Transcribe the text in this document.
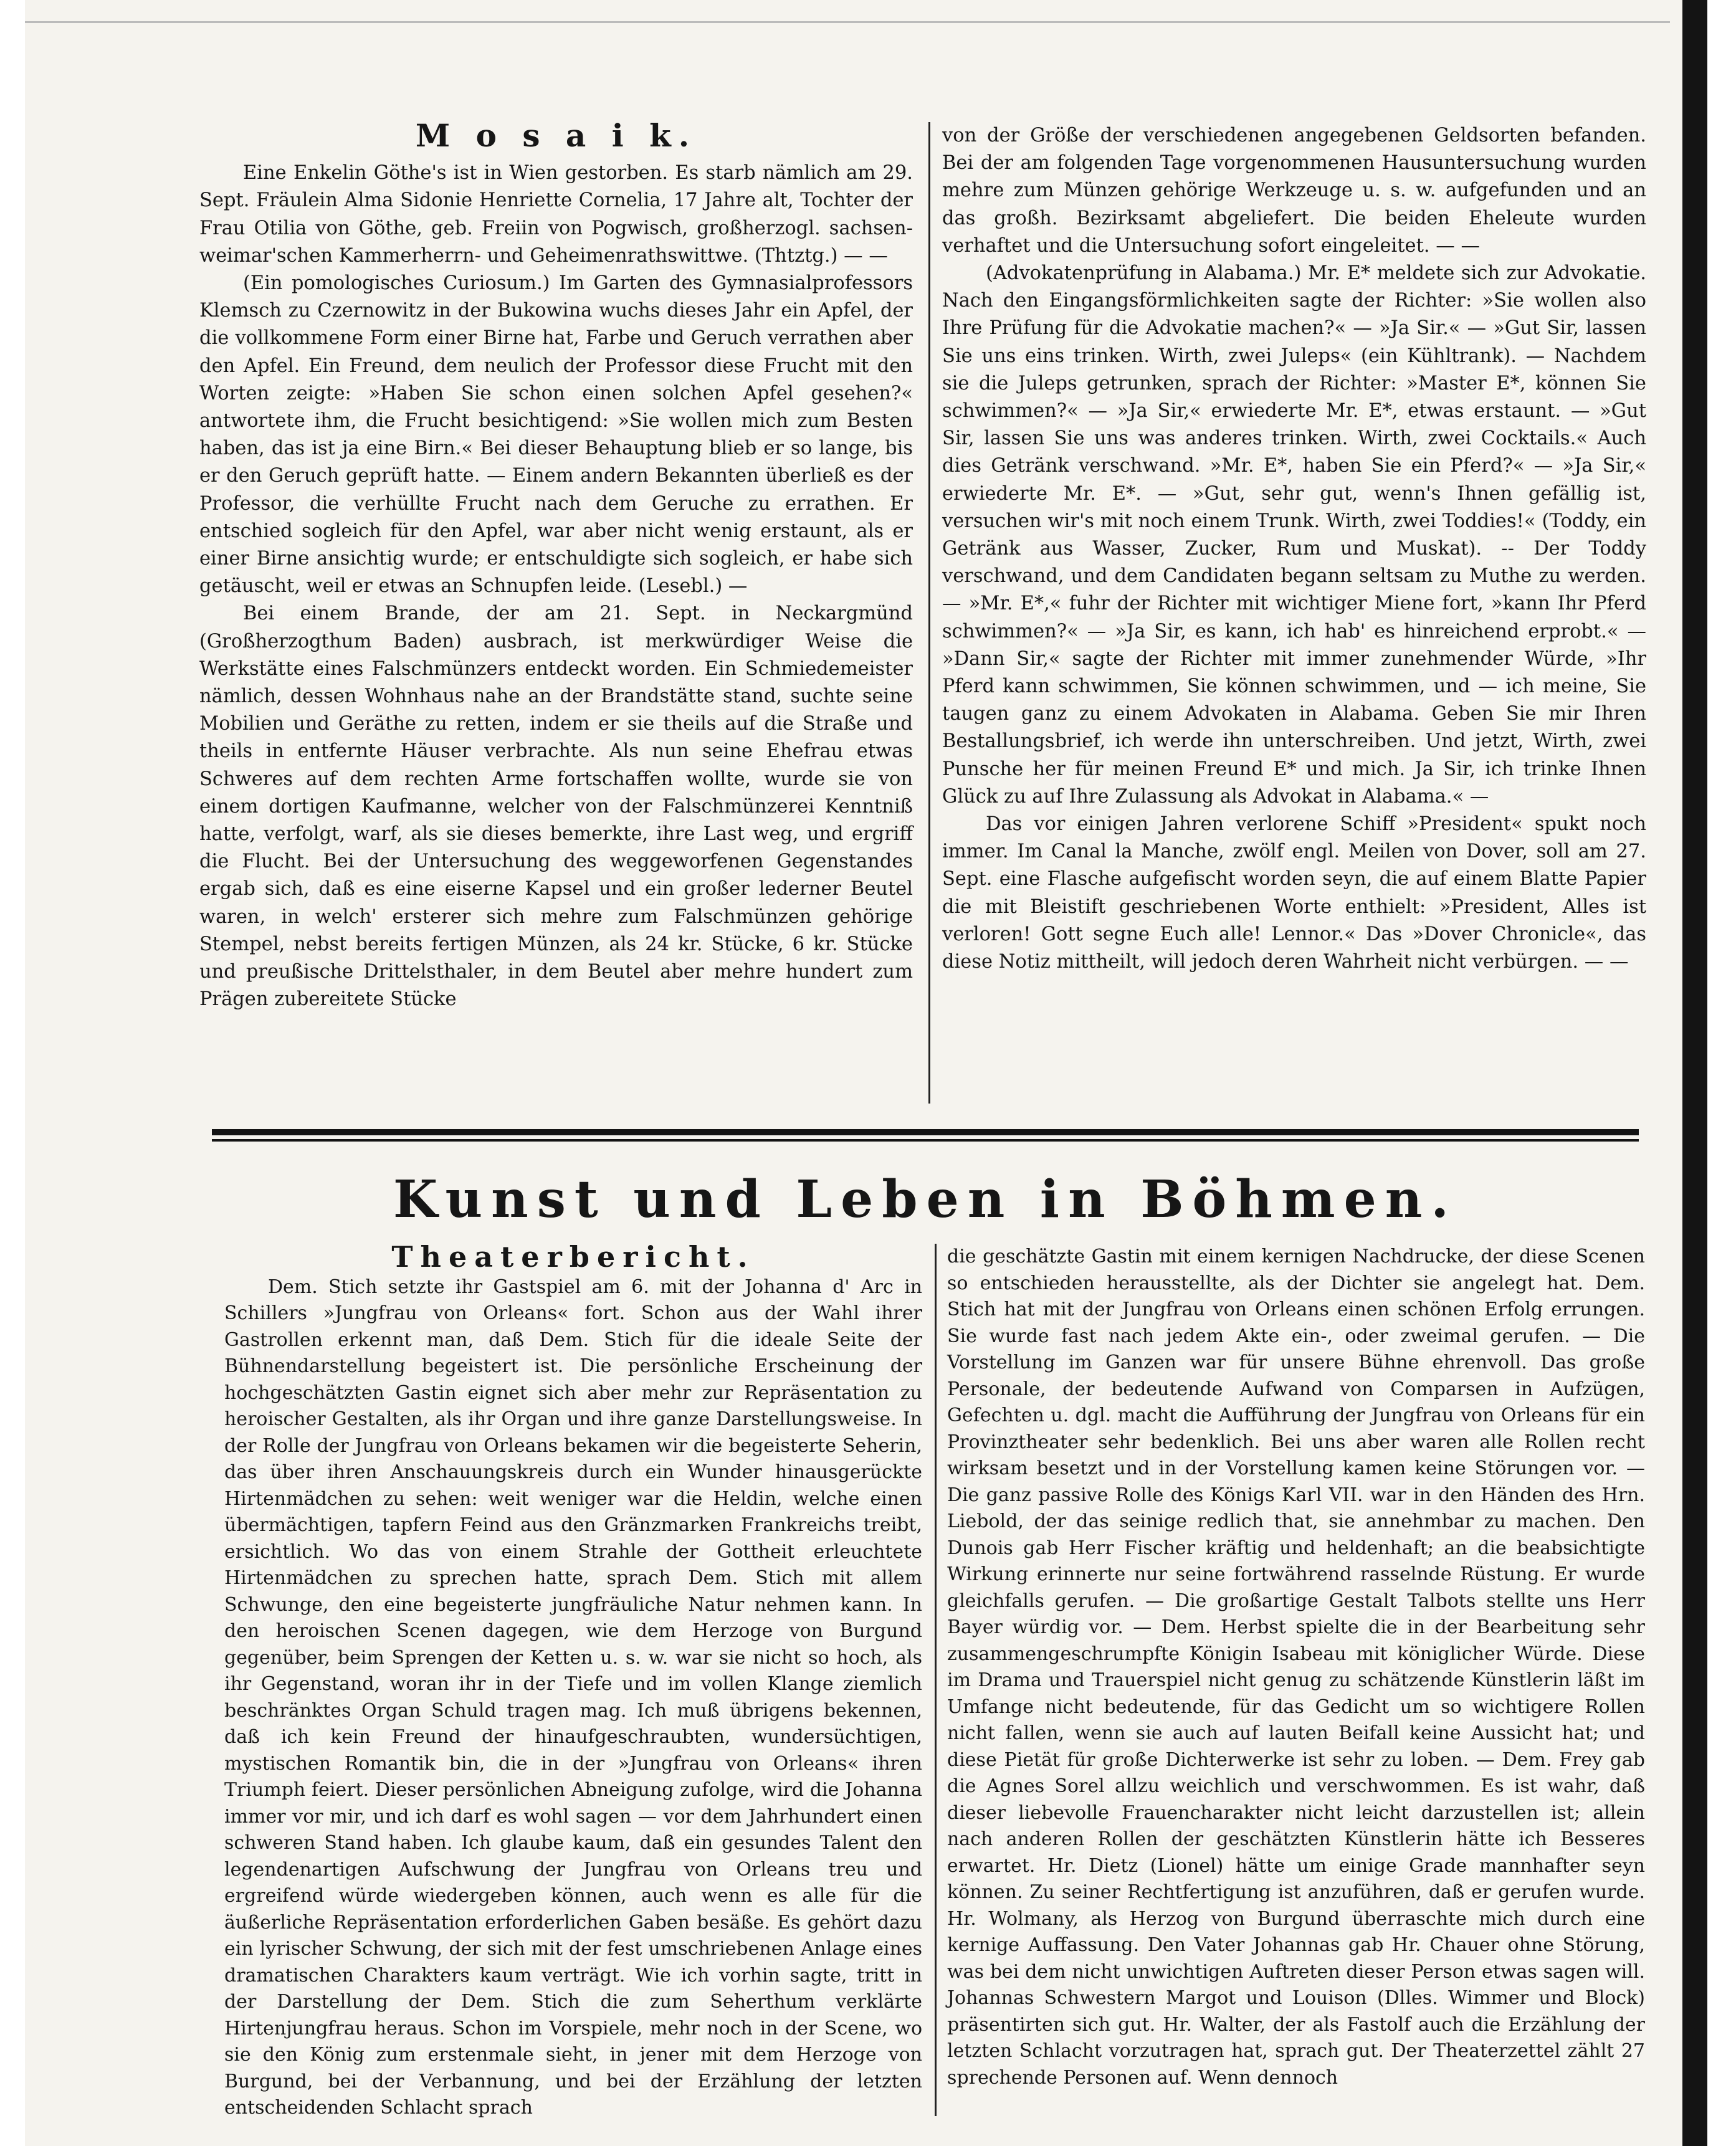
M o s a i k.

Eine Enkelin Göthe's ist in Wien gestorben. Es starb nämlich am 29. Sept. Fräulein Alma Sidonie Henriette Cornelia, 17 Jahre alt, Tochter der Frau Otilia von Göthe, geb. Freiin von Pogwisch, großherzogl. sachsen-weimar'schen Kammerherrn- und Geheimenrathswittwe. (Thtztg.) — —

(Ein pomologisches Curiosum.) Im Garten des Gymnasialprofessors Klemsch zu Czernowitz in der Bukowina wuchs dieses Jahr ein Apfel, der die vollkommene Form einer Birne hat, Farbe und Geruch verrathen aber den Apfel. Ein Freund, dem neulich der Professor diese Frucht mit den Worten zeigte: »Haben Sie schon einen solchen Apfel gesehen?« antwortete ihm, die Frucht besichtigend: »Sie wollen mich zum Besten haben, das ist ja eine Birn.« Bei dieser Behauptung blieb er so lange, bis er den Geruch geprüft hatte. — Einem andern Bekannten überließ es der Professor, die verhüllte Frucht nach dem Geruche zu errathen. Er entschied sogleich für den Apfel, war aber nicht wenig erstaunt, als er einer Birne ansichtig wurde; er entschuldigte sich sogleich, er habe sich getäuscht, weil er etwas an Schnupfen leide. (Lesebl.) —

Bei einem Brande, der am 21. Sept. in Neckargmünd (Großherzogthum Baden) ausbrach, ist merkwürdiger Weise die Werkstätte eines Falschmünzers entdeckt worden. Ein Schmiedemeister nämlich, dessen Wohnhaus nahe an der Brandstätte stand, suchte seine Mobilien und Geräthe zu retten, indem er sie theils auf die Straße und theils in entfernte Häuser verbrachte. Als nun seine Ehefrau etwas Schweres auf dem rechten Arme fortschaffen wollte, wurde sie von einem dortigen Kaufmanne, welcher von der Falschmünzerei Kenntniß hatte, verfolgt, warf, als sie dieses bemerkte, ihre Last weg, und ergriff die Flucht. Bei der Untersuchung des weggeworfenen Gegenstandes ergab sich, daß es eine eiserne Kapsel und ein großer lederner Beutel waren, in welch' ersterer sich mehre zum Falschmünzen gehörige Stempel, nebst bereits fertigen Münzen, als 24 kr. Stücke, 6 kr. Stücke und preußische Drittelsthaler, in dem Beutel aber mehre hundert zum Prägen zubereitete Stücke

von der Größe der verschiedenen angegebenen Geldsorten befanden. Bei der am folgenden Tage vorgenommenen Hausuntersuchung wurden mehre zum Münzen gehörige Werkzeuge u. s. w. aufgefunden und an das großh. Bezirksamt abgeliefert. Die beiden Eheleute wurden verhaftet und die Untersuchung sofort eingeleitet. — —

(Advokatenprüfung in Alabama.) Mr. E* meldete sich zur Advokatie. Nach den Eingangsförmlichkeiten sagte der Richter: »Sie wollen also Ihre Prüfung für die Advokatie machen?« — »Ja Sir.« — »Gut Sir, lassen Sie uns eins trinken. Wirth, zwei Juleps« (ein Kühltrank). — Nachdem sie die Juleps getrunken, sprach der Richter: »Master E*, können Sie schwimmen?« — »Ja Sir,« erwiederte Mr. E*, etwas erstaunt. — »Gut Sir, lassen Sie uns was anderes trinken. Wirth, zwei Cocktails.« Auch dies Getränk verschwand. »Mr. E*, haben Sie ein Pferd?« — »Ja Sir,« erwiederte Mr. E*. — »Gut, sehr gut, wenn's Ihnen gefällig ist, versuchen wir's mit noch einem Trunk. Wirth, zwei Toddies!« (Toddy, ein Getränk aus Wasser, Zucker, Rum und Muskat). -- Der Toddy verschwand, und dem Candidaten begann seltsam zu Muthe zu werden. — »Mr. E*,« fuhr der Richter mit wichtiger Miene fort, »kann Ihr Pferd schwimmen?« — »Ja Sir, es kann, ich hab' es hinreichend erprobt.« — »Dann Sir,« sagte der Richter mit immer zunehmender Würde, »Ihr Pferd kann schwimmen, Sie können schwimmen, und — ich meine, Sie taugen ganz zu einem Advokaten in Alabama. Geben Sie mir Ihren Bestallungsbrief, ich werde ihn unterschreiben. Und jetzt, Wirth, zwei Punsche her für meinen Freund E* und mich. Ja Sir, ich trinke Ihnen Glück zu auf Ihre Zulassung als Advokat in Alabama.« —

Das vor einigen Jahren verlorene Schiff »President« spukt noch immer. Im Canal la Manche, zwölf engl. Meilen von Dover, soll am 27. Sept. eine Flasche aufgefischt worden seyn, die auf einem Blatte Papier die mit Bleistift geschriebenen Worte enthielt: »President, Alles ist verloren! Gott segne Euch alle! Lennor.« Das »Dover Chronicle«, das diese Notiz mittheilt, will jedoch deren Wahrheit nicht verbürgen. — —

Kunst und Leben in Böhmen.
Theaterbericht.

Dem. Stich setzte ihr Gastspiel am 6. mit der Johanna d' Arc in Schillers »Jungfrau von Orleans« fort. Schon aus der Wahl ihrer Gastrollen erkennt man, daß Dem. Stich für die ideale Seite der Bühnendarstellung begeistert ist. Die persönliche Erscheinung der hochgeschätzten Gastin eignet sich aber mehr zur Repräsentation zu heroischer Gestalten, als ihr Organ und ihre ganze Darstellungsweise. In der Rolle der Jungfrau von Orleans bekamen wir die begeisterte Seherin, das über ihren Anschauungskreis durch ein Wunder hinausgerückte Hirtenmädchen zu sehen: weit weniger war die Heldin, welche einen übermächtigen, tapfern Feind aus den Gränzmarken Frankreichs treibt, ersichtlich. Wo das von einem Strahle der Gottheit erleuchtete Hirtenmädchen zu sprechen hatte, sprach Dem. Stich mit allem Schwunge, den eine begeisterte jungfräuliche Natur nehmen kann. In den heroischen Scenen dagegen, wie dem Herzoge von Burgund gegenüber, beim Sprengen der Ketten u. s. w. war sie nicht so hoch, als ihr Gegenstand, woran ihr in der Tiefe und im vollen Klange ziemlich beschränktes Organ Schuld tragen mag. Ich muß übrigens bekennen, daß ich kein Freund der hinaufgeschraubten, wundersüchtigen, mystischen Romantik bin, die in der »Jungfrau von Orleans« ihren Triumph feiert. Dieser persönlichen Abneigung zufolge, wird die Johanna immer vor mir, und ich darf es wohl sagen — vor dem Jahrhundert einen schweren Stand haben. Ich glaube kaum, daß ein gesundes Talent den legendenartigen Aufschwung der Jungfrau von Orleans treu und ergreifend würde wiedergeben können, auch wenn es alle für die äußerliche Repräsentation erforderlichen Gaben besäße. Es gehört dazu ein lyrischer Schwung, der sich mit der fest umschriebenen Anlage eines dramatischen Charakters kaum verträgt. Wie ich vorhin sagte, tritt in der Darstellung der Dem. Stich die zum Seherthum verklärte Hirtenjungfrau heraus. Schon im Vorspiele, mehr noch in der Scene, wo sie den König zum erstenmale sieht, in jener mit dem Herzoge von Burgund, bei der Verbannung, und bei der Erzählung der letzten entscheidenden Schlacht sprach

die geschätzte Gastin mit einem kernigen Nachdrucke, der diese Scenen so entschieden herausstellte, als der Dichter sie angelegt hat. Dem. Stich hat mit der Jungfrau von Orleans einen schönen Erfolg errungen. Sie wurde fast nach jedem Akte ein-, oder zweimal gerufen. — Die Vorstellung im Ganzen war für unsere Bühne ehrenvoll. Das große Personale, der bedeutende Aufwand von Comparsen in Aufzügen, Gefechten u. dgl. macht die Aufführung der Jungfrau von Orleans für ein Provinztheater sehr bedenklich. Bei uns aber waren alle Rollen recht wirksam besetzt und in der Vorstellung kamen keine Störungen vor. — Die ganz passive Rolle des Königs Karl VII. war in den Händen des Hrn. Liebold, der das seinige redlich that, sie annehmbar zu machen. Den Dunois gab Herr Fischer kräftig und heldenhaft; an die beabsichtigte Wirkung erinnerte nur seine fortwährend rasselnde Rüstung. Er wurde gleichfalls gerufen. — Die großartige Gestalt Talbots stellte uns Herr Bayer würdig vor. — Dem. Herbst spielte die in der Bearbeitung sehr zusammengeschrumpfte Königin Isabeau mit königlicher Würde. Diese im Drama und Trauerspiel nicht genug zu schätzende Künstlerin läßt im Umfange nicht bedeutende, für das Gedicht um so wichtigere Rollen nicht fallen, wenn sie auch auf lauten Beifall keine Aussicht hat; und diese Pietät für große Dichterwerke ist sehr zu loben. — Dem. Frey gab die Agnes Sorel allzu weichlich und verschwommen. Es ist wahr, daß dieser liebevolle Frauencharakter nicht leicht darzustellen ist; allein nach anderen Rollen der geschätzten Künstlerin hätte ich Besseres erwartet. Hr. Dietz (Lionel) hätte um einige Grade mannhafter seyn können. Zu seiner Rechtfertigung ist anzuführen, daß er gerufen wurde. Hr. Wolmany, als Herzog von Burgund überraschte mich durch eine kernige Auffassung. Den Vater Johannas gab Hr. Chauer ohne Störung, was bei dem nicht unwichtigen Auftreten dieser Person etwas sagen will. Johannas Schwestern Margot und Louison (Dlles. Wimmer und Block) präsentirten sich gut. Hr. Walter, der als Fastolf auch die Erzählung der letzten Schlacht vorzutragen hat, sprach gut. Der Theaterzettel zählt 27 sprechende Personen auf. Wenn dennoch
